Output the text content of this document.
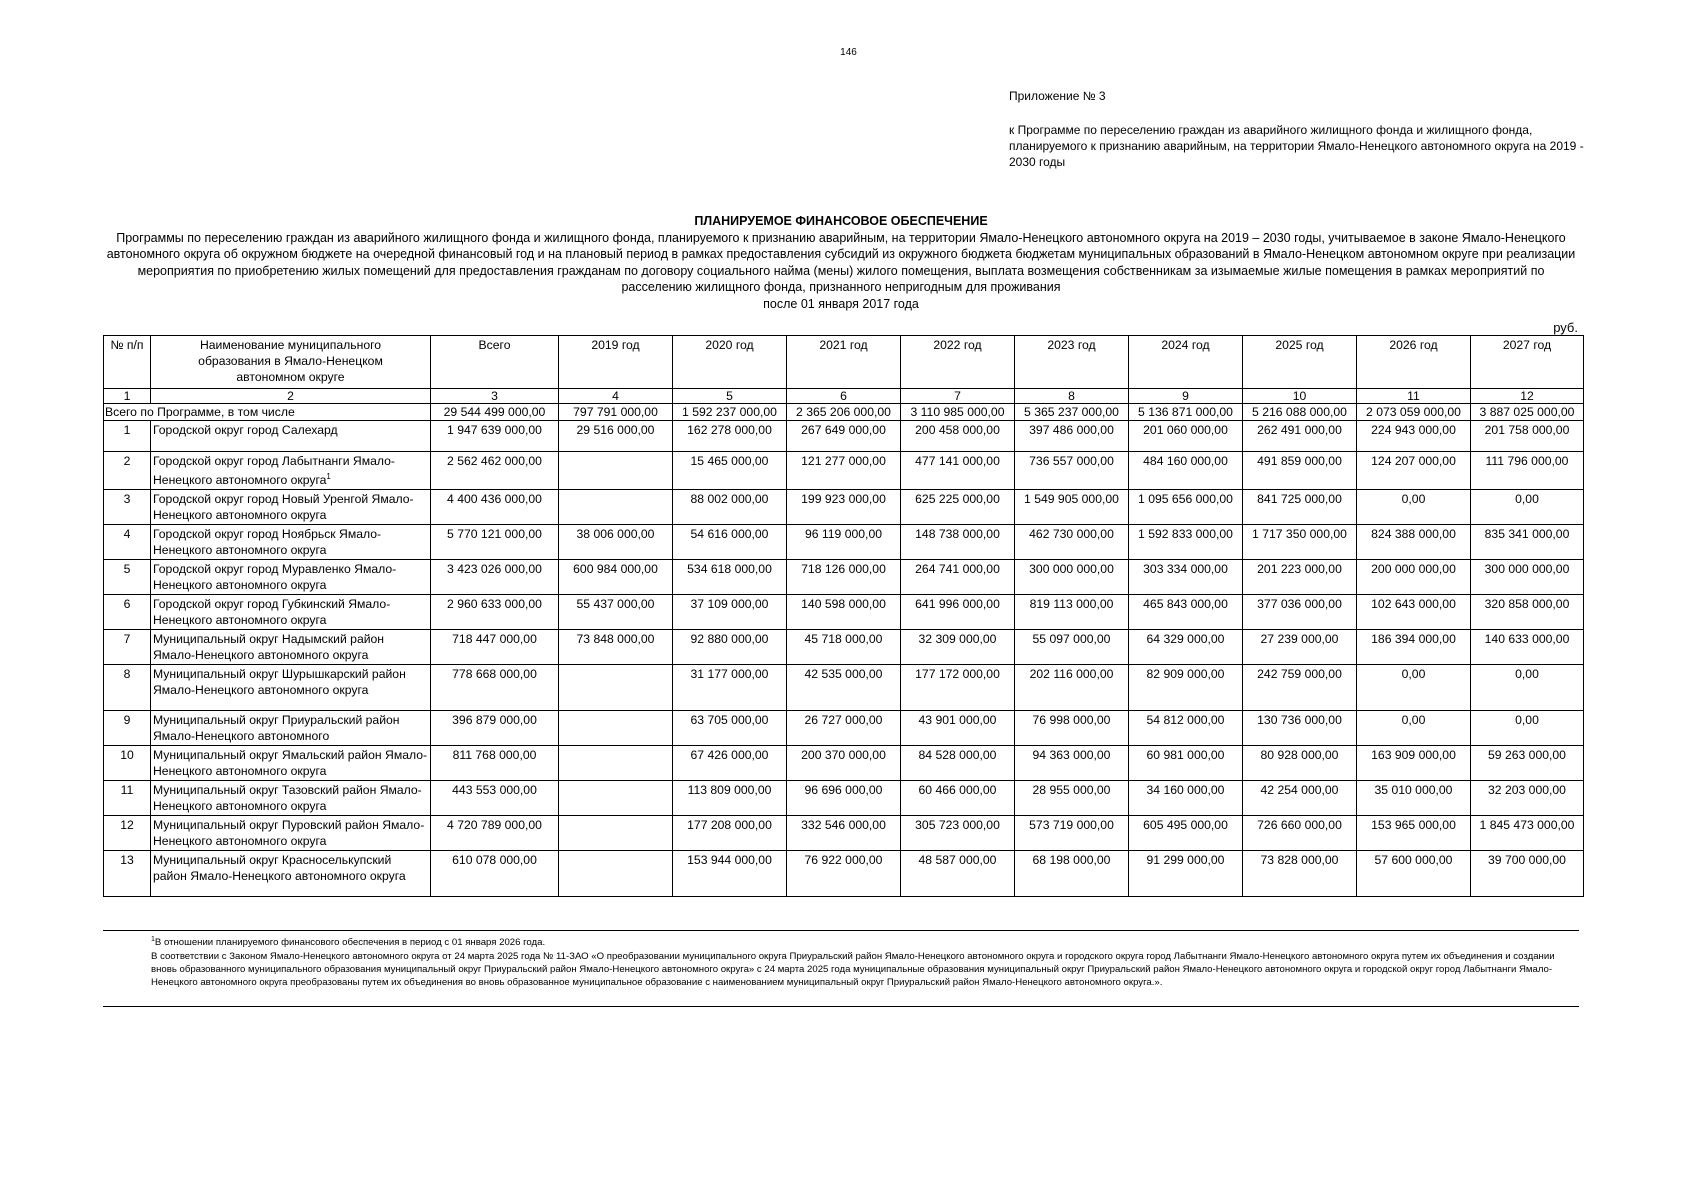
146
Приложение № 3
к Программе по переселению граждан из аварийного жилищного фонда и жилищного фонда, планируемого к признанию аварийным, на территории Ямало-Ненецкого автономного округа на 2019 - 2030 годы
ПЛАНИРУЕМОЕ ФИНАНСОВОЕ ОБЕСПЕЧЕНИЕ
Программы по переселению граждан из аварийного жилищного фонда и жилищного фонда, планируемого к признанию аварийным, на территории Ямало-Ненецкого автономного округа на 2019 – 2030 годы, учитываемое в законе Ямало-Ненецкого автономного округа об окружном бюджете на очередной финансовый год и на плановый период в рамках предоставления субсидий из окружного бюджета бюджетам муниципальных образований в Ямало-Ненецком автономном округе при реализации мероприятия по приобретению жилых помещений для предоставления гражданам по договору социального найма (мены) жилого помещения, выплата возмещения собственникам за изымаемые жилые помещения в рамках мероприятий по расселению жилищного фонда, признанного непригодным для проживания
после 01 января 2017 года
руб.
№ п/п	Наименование муниципального образования в Ямало-Ненецком автономном округе	Всего	2019 год	2020 год	2021 год	2022 год	2023 год	2024 год	2025 год	2026 год	2027 год
1	2	3	4	5	6	7	8	9	10	11	12
Всего по Программе, в том числе		29 544 499 000,00	797 791 000,00	1 592 237 000,00	2 365 206 000,00	3 110 985 000,00	5 365 237 000,00	5 136 871 000,00	5 216 088 000,00	2 073 059 000,00	3 887 025 000,00
1	Городской округ город Салехард	1 947 639 000,00	29 516 000,00	162 278 000,00	267 649 000,00	200 458 000,00	397 486 000,00	201 060 000,00	262 491 000,00	224 943 000,00	201 758 000,00
2	Городской округ город Лабытнанги Ямало-Ненецкого автономного округа$^1$	2 562 462 000,00		15 465 000,00	121 277 000,00	477 141 000,00	736 557 000,00	484 160 000,00	491 859 000,00	124 207 000,00	111 796 000,00
3	Городской округ город Новый Уренгой Ямало-Ненецкого автономного округа	4 400 436 000,00		88 002 000,00	199 923 000,00	625 225 000,00	1 549 905 000,00	1 095 656 000,00	841 725 000,00	0,00	0,00
4	Городской округ город Ноябрьск Ямало-Ненецкого автономного округа	5 770 121 000,00	38 006 000,00	54 616 000,00	96 119 000,00	148 738 000,00	462 730 000,00	1 592 833 000,00	1 717 350 000,00	824 388 000,00	835 341 000,00
5	Городской округ город Муравленко Ямало-Ненецкого автономного округа	3 423 026 000,00	600 984 000,00	534 618 000,00	718 126 000,00	264 741 000,00	300 000 000,00	303 334 000,00	201 223 000,00	200 000 000,00	300 000 000,00
6	Городской округ город Губкинский Ямало-Ненецкого автономного округа	2 960 633 000,00	55 437 000,00	37 109 000,00	140 598 000,00	641 996 000,00	819 113 000,00	465 843 000,00	377 036 000,00	102 643 000,00	320 858 000,00
7	Муниципальный округ Надымский район Ямало-Ненецкого автономного округа	718 447 000,00	73 848 000,00	92 880 000,00	45 718 000,00	32 309 000,00	55 097 000,00	64 329 000,00	27 239 000,00	186 394 000,00	140 633 000,00
8	Муниципальный округ Шурышкарский район Ямало-Ненецкого автономного округа	778 668 000,00		31 177 000,00	42 535 000,00	177 172 000,00	202 116 000,00	82 909 000,00	242 759 000,00	0,00	0,00
9	Муниципальный округ Приуральский район Ямало-Ненецкого автономного	396 879 000,00		63 705 000,00	26 727 000,00	43 901 000,00	76 998 000,00	54 812 000,00	130 736 000,00	0,00	0,00
10	Муниципальный округ Ямальский район Ямало-Ненецкого автономного округа	811 768 000,00		67 426 000,00	200 370 000,00	84 528 000,00	94 363 000,00	60 981 000,00	80 928 000,00	163 909 000,00	59 263 000,00
11	Муниципальный округ Тазовский район Ямало-Ненецкого автономного округа	443 553 000,00		113 809 000,00	96 696 000,00	60 466 000,00	28 955 000,00	34 160 000,00	42 254 000,00	35 010 000,00	32 203 000,00
12	Муниципальный округ Пуровский район Ямало-Ненецкого автономного округа	4 720 789 000,00		177 208 000,00	332 546 000,00	305 723 000,00	573 719 000,00	605 495 000,00	726 660 000,00	153 965 000,00	1 845 473 000,00
13	Муниципальный округ Красноселькупский район Ямало-Ненецкого автономного округа	610 078 000,00		153 944 000,00	76 922 000,00	48 587 000,00	68 198 000,00	91 299 000,00	73 828 000,00	57 600 000,00	39 700 000,00
$^1$В отношении планируемого финансового обеспечения в период с 01 января 2026 года.
В соответствии с Законом Ямало-Ненецкого автономного округа от 24 марта 2025 года № 11-ЗАО «О преобразовании муниципального округа Приуральский район Ямало-Ненецкого автономного округа и городского округа город Лабытнанги Ямало-Ненецкого автономного округа путем их объединения и создании вновь образованного муниципального образования муниципальный округ Приуральский район Ямало-Ненецкого автономного округа» с 24 марта 2025 года муниципальные образования муниципальный округ Приуральский район Ямало-Ненецкого автономного округа и городской округ город Лабытнанги Ямало-Ненецкого автономного округа преобразованы путем их объединения во вновь образованное муниципальное образование с наименованием муниципальный округ Приуральский район Ямало-Ненецкого автономного округа.».
